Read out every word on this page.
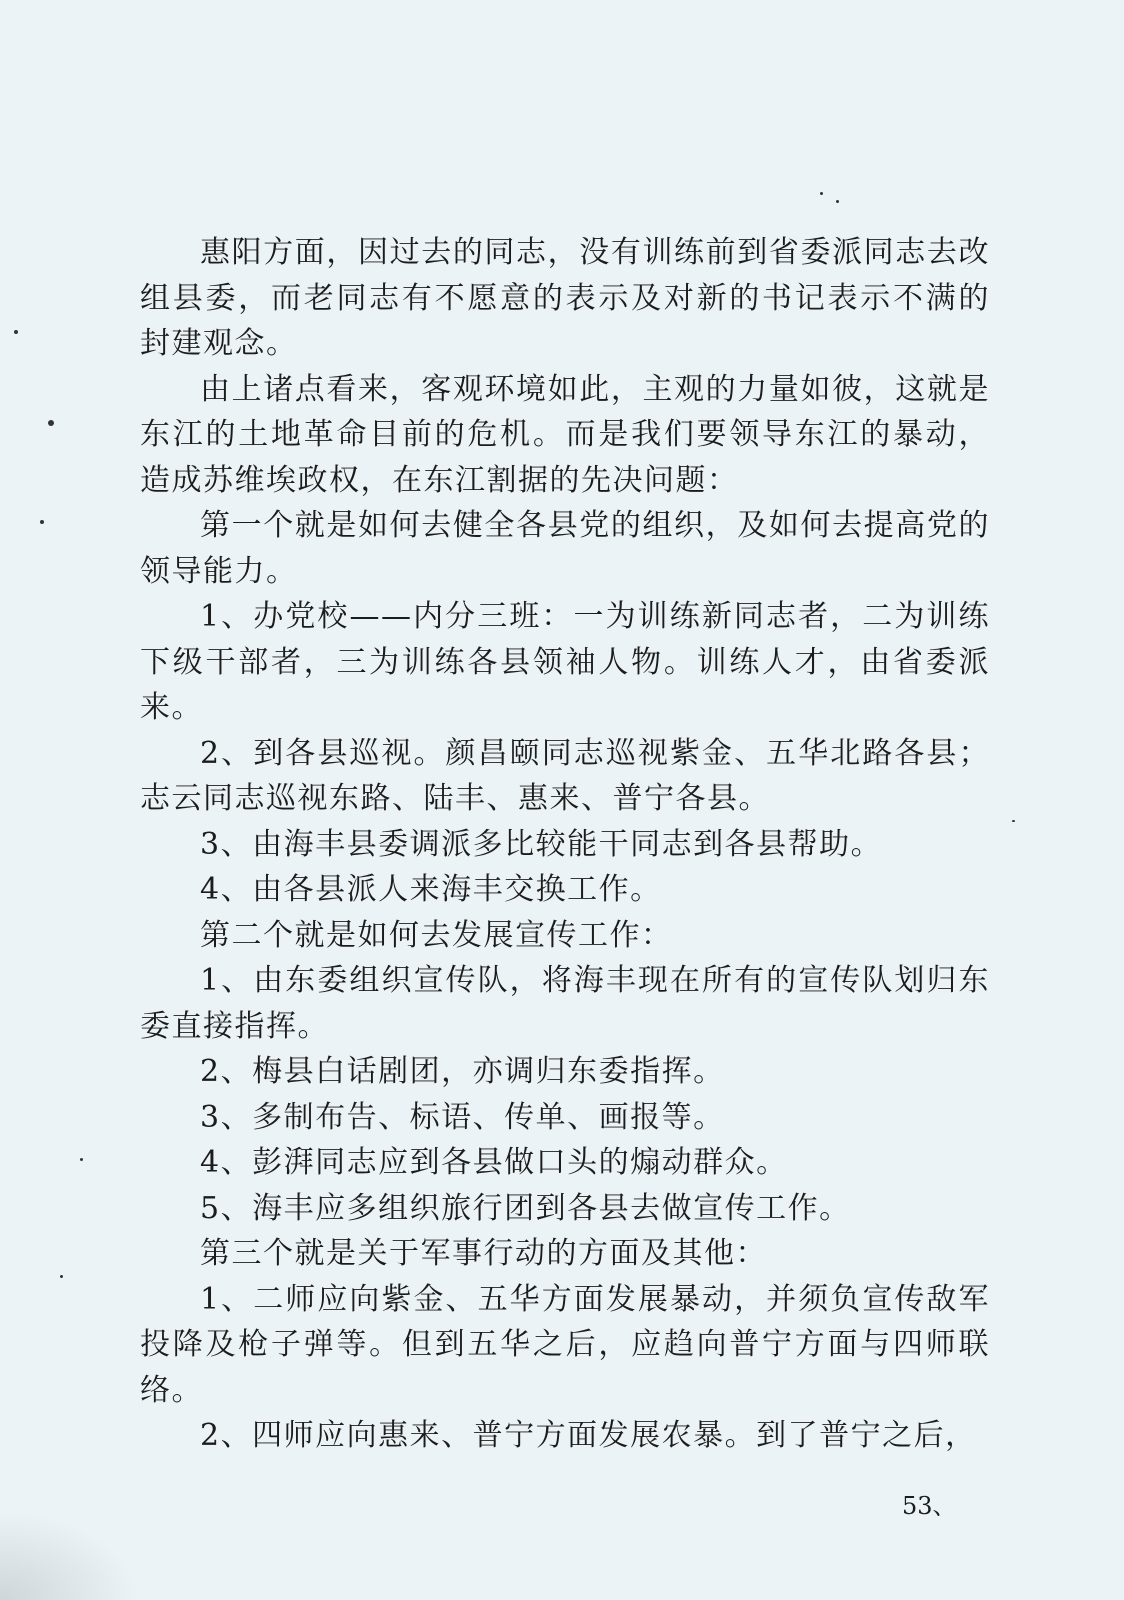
惠阳方面，因过去的同志，没有训练前到省委派同志去改组县委，而老同志有不愿意的表示及对新的书记表示不满的封建观念。

由上诸点看来，客观环境如此，主观的力量如彼，这就是东江的土地革命目前的危机。而是我们要领导东江的暴动，造成苏维埃政权，在东江割据的先决问题：

第一个就是如何去健全各县党的组织，及如何去提高党的领导能力。

1、办党校——内分三班：一为训练新同志者，二为训练下级干部者，三为训练各县领袖人物。训练人才，由省委派来。

2、到各县巡视。颜昌颐同志巡视紫金、五华北路各县；志云同志巡视东路、陆丰、惠来、普宁各县。

3、由海丰县委调派多比较能干同志到各县帮助。

4、由各县派人来海丰交换工作。

第二个就是如何去发展宣传工作：

1、由东委组织宣传队，将海丰现在所有的宣传队划归东委直接指挥。

2、梅县白话剧团，亦调归东委指挥。

3、多制布告、标语、传单、画报等。

4、彭湃同志应到各县做口头的煽动群众。

5、海丰应多组织旅行团到各县去做宣传工作。

第三个就是关于军事行动的方面及其他：

1、二师应向紫金、五华方面发展暴动，并须负宣传敌军投降及枪子弹等。但到五华之后，应趋向普宁方面与四师联络。

2、四师应向惠来、普宁方面发展农暴。到了普宁之后，

53、
